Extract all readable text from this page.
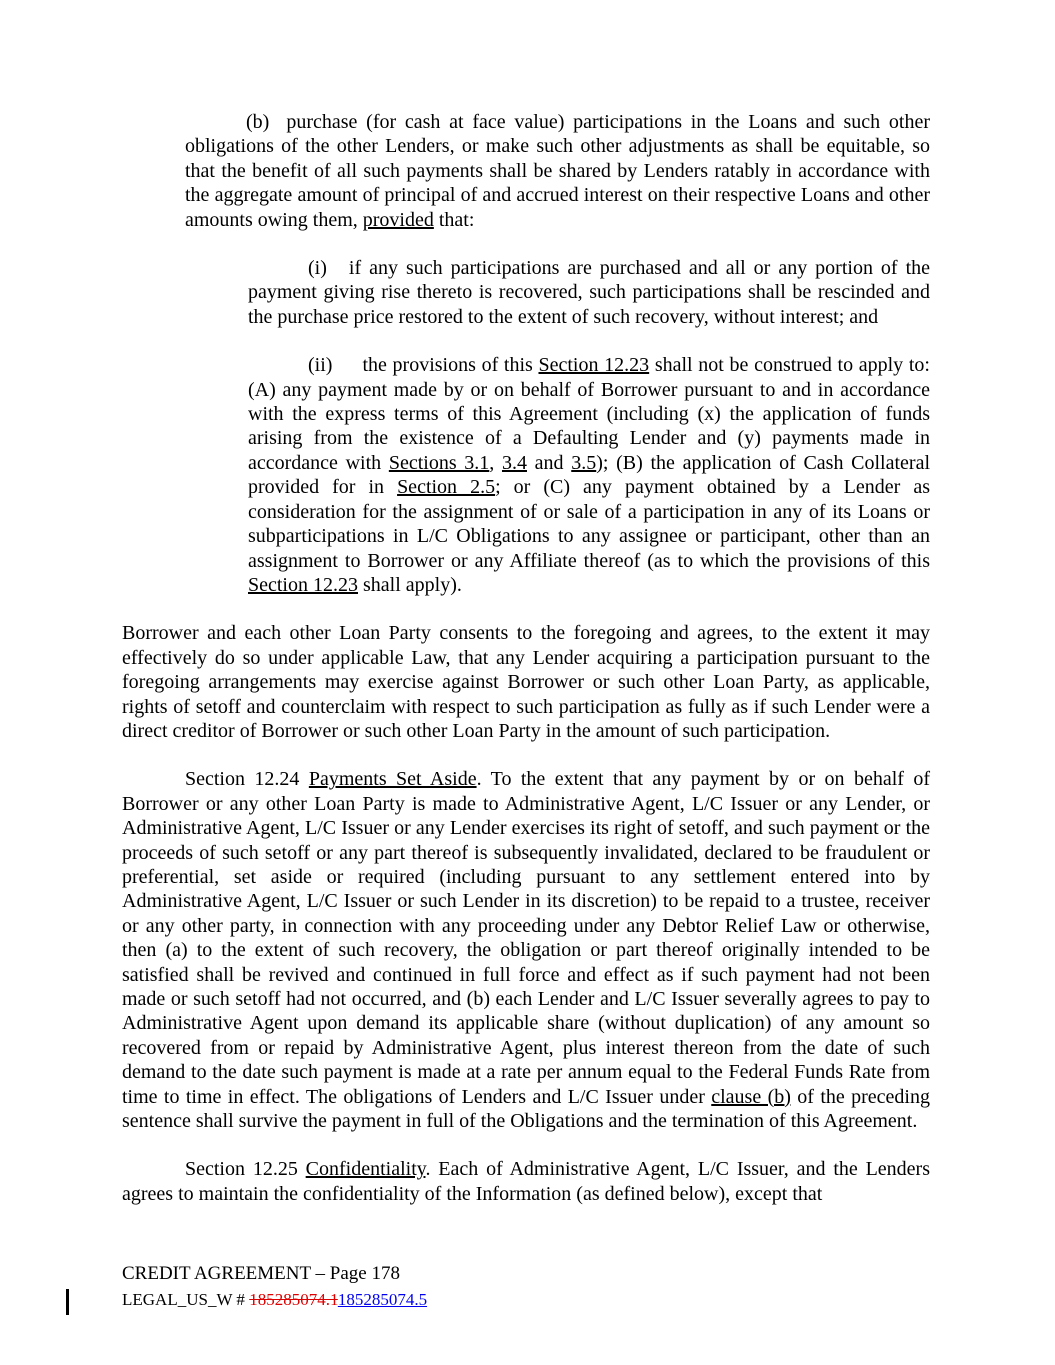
(b) purchase (for cash at face value) participations in the Loans and such other obligations of the other Lenders, or make such other adjustments as shall be equitable, so that the benefit of all such payments shall be shared by Lenders ratably in accordance with the aggregate amount of principal of and accrued interest on their respective Loans and other amounts owing them, provided that:

(i) if any such participations are purchased and all or any portion of the payment giving rise thereto is recovered, such participations shall be rescinded and the purchase price restored to the extent of such recovery, without interest; and

(ii) the provisions of this Section 12.23 shall not be construed to apply to: (A) any payment made by or on behalf of Borrower pursuant to and in accordance with the express terms of this Agreement (including (x) the application of funds arising from the existence of a Defaulting Lender and (y) payments made in accordance with Sections 3.1, 3.4 and 3.5); (B) the application of Cash Collateral provided for in Section 2.5; or (C) any payment obtained by a Lender as consideration for the assignment of or sale of a participation in any of its Loans or subparticipations in L/C Obligations to any assignee or participant, other than an assignment to Borrower or any Affiliate thereof (as to which the provisions of this Section 12.23 shall apply).

Borrower and each other Loan Party consents to the foregoing and agrees, to the extent it may effectively do so under applicable Law, that any Lender acquiring a participation pursuant to the foregoing arrangements may exercise against Borrower or such other Loan Party, as applicable, rights of setoff and counterclaim with respect to such participation as fully as if such Lender were a direct creditor of Borrower or such other Loan Party in the amount of such participation.

Section 12.24 Payments Set Aside. To the extent that any payment by or on behalf of Borrower or any other Loan Party is made to Administrative Agent, L/C Issuer or any Lender, or Administrative Agent, L/C Issuer or any Lender exercises its right of setoff, and such payment or the proceeds of such setoff or any part thereof is subsequently invalidated, declared to be fraudulent or preferential, set aside or required (including pursuant to any settlement entered into by Administrative Agent, L/C Issuer or such Lender in its discretion) to be repaid to a trustee, receiver or any other party, in connection with any proceeding under any Debtor Relief Law or otherwise, then (a) to the extent of such recovery, the obligation or part thereof originally intended to be satisfied shall be revived and continued in full force and effect as if such payment had not been made or such setoff had not occurred, and (b) each Lender and L/C Issuer severally agrees to pay to Administrative Agent upon demand its applicable share (without duplication) of any amount so recovered from or repaid by Administrative Agent, plus interest thereon from the date of such demand to the date such payment is made at a rate per annum equal to the Federal Funds Rate from time to time in effect. The obligations of Lenders and L/C Issuer under clause (b) of the preceding sentence shall survive the payment in full of the Obligations and the termination of this Agreement.

Section 12.25 Confidentiality. Each of Administrative Agent, L/C Issuer, and the Lenders agrees to maintain the confidentiality of the Information (as defined below), except that

CREDIT AGREEMENT – Page 178
LEGAL_US_W # 185285074.1185285074.5
